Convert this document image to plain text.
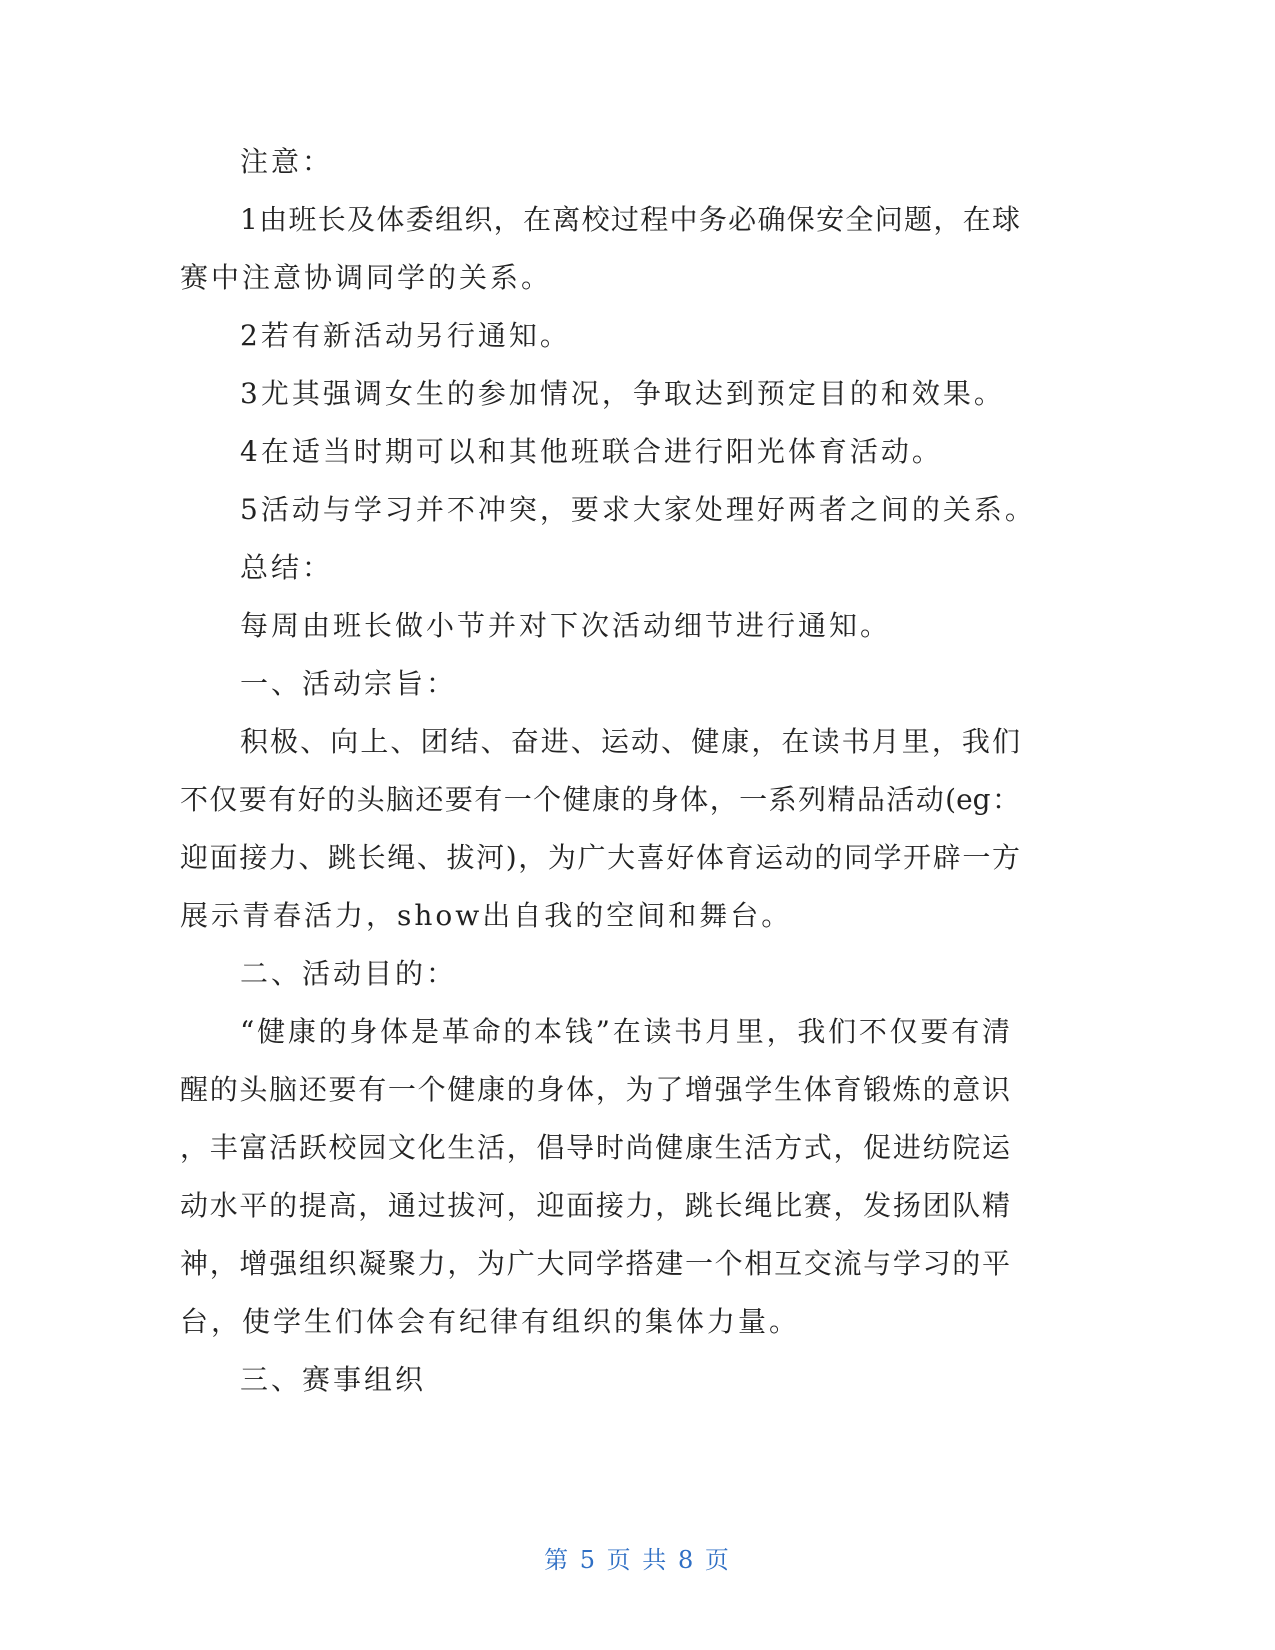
注意：
1由班长及体委组织，在离校过程中务必确保安全问题，在球
赛中注意协调同学的关系。
2若有新活动另行通知。
3尤其强调女生的参加情况，争取达到预定目的和效果。
4在适当时期可以和其他班联合进行阳光体育活动。
5活动与学习并不冲突，要求大家处理好两者之间的关系。
总结：
每周由班长做小节并对下次活动细节进行通知。
一、活动宗旨：
积极、向上、团结、奋进、运动、健康，在读书月里，我们
不仅要有好的头脑还要有一个健康的身体，一系列精品活动(eg：
迎面接力、跳长绳、拔河)，为广大喜好体育运动的同学开辟一方
展示青春活力，show出自我的空间和舞台。
二、活动目的：
“健康的身体是革命的本钱”在读书月里，我们不仅要有清
醒的头脑还要有一个健康的身体，为了增强学生体育锻炼的意识
，丰富活跃校园文化生活，倡导时尚健康生活方式，促进纺院运
动水平的提高，通过拔河，迎面接力，跳长绳比赛，发扬团队精
神，增强组织凝聚力，为广大同学搭建一个相互交流与学习的平
台，使学生们体会有纪律有组织的集体力量。
三、赛事组织
第 5 页 共 8 页
